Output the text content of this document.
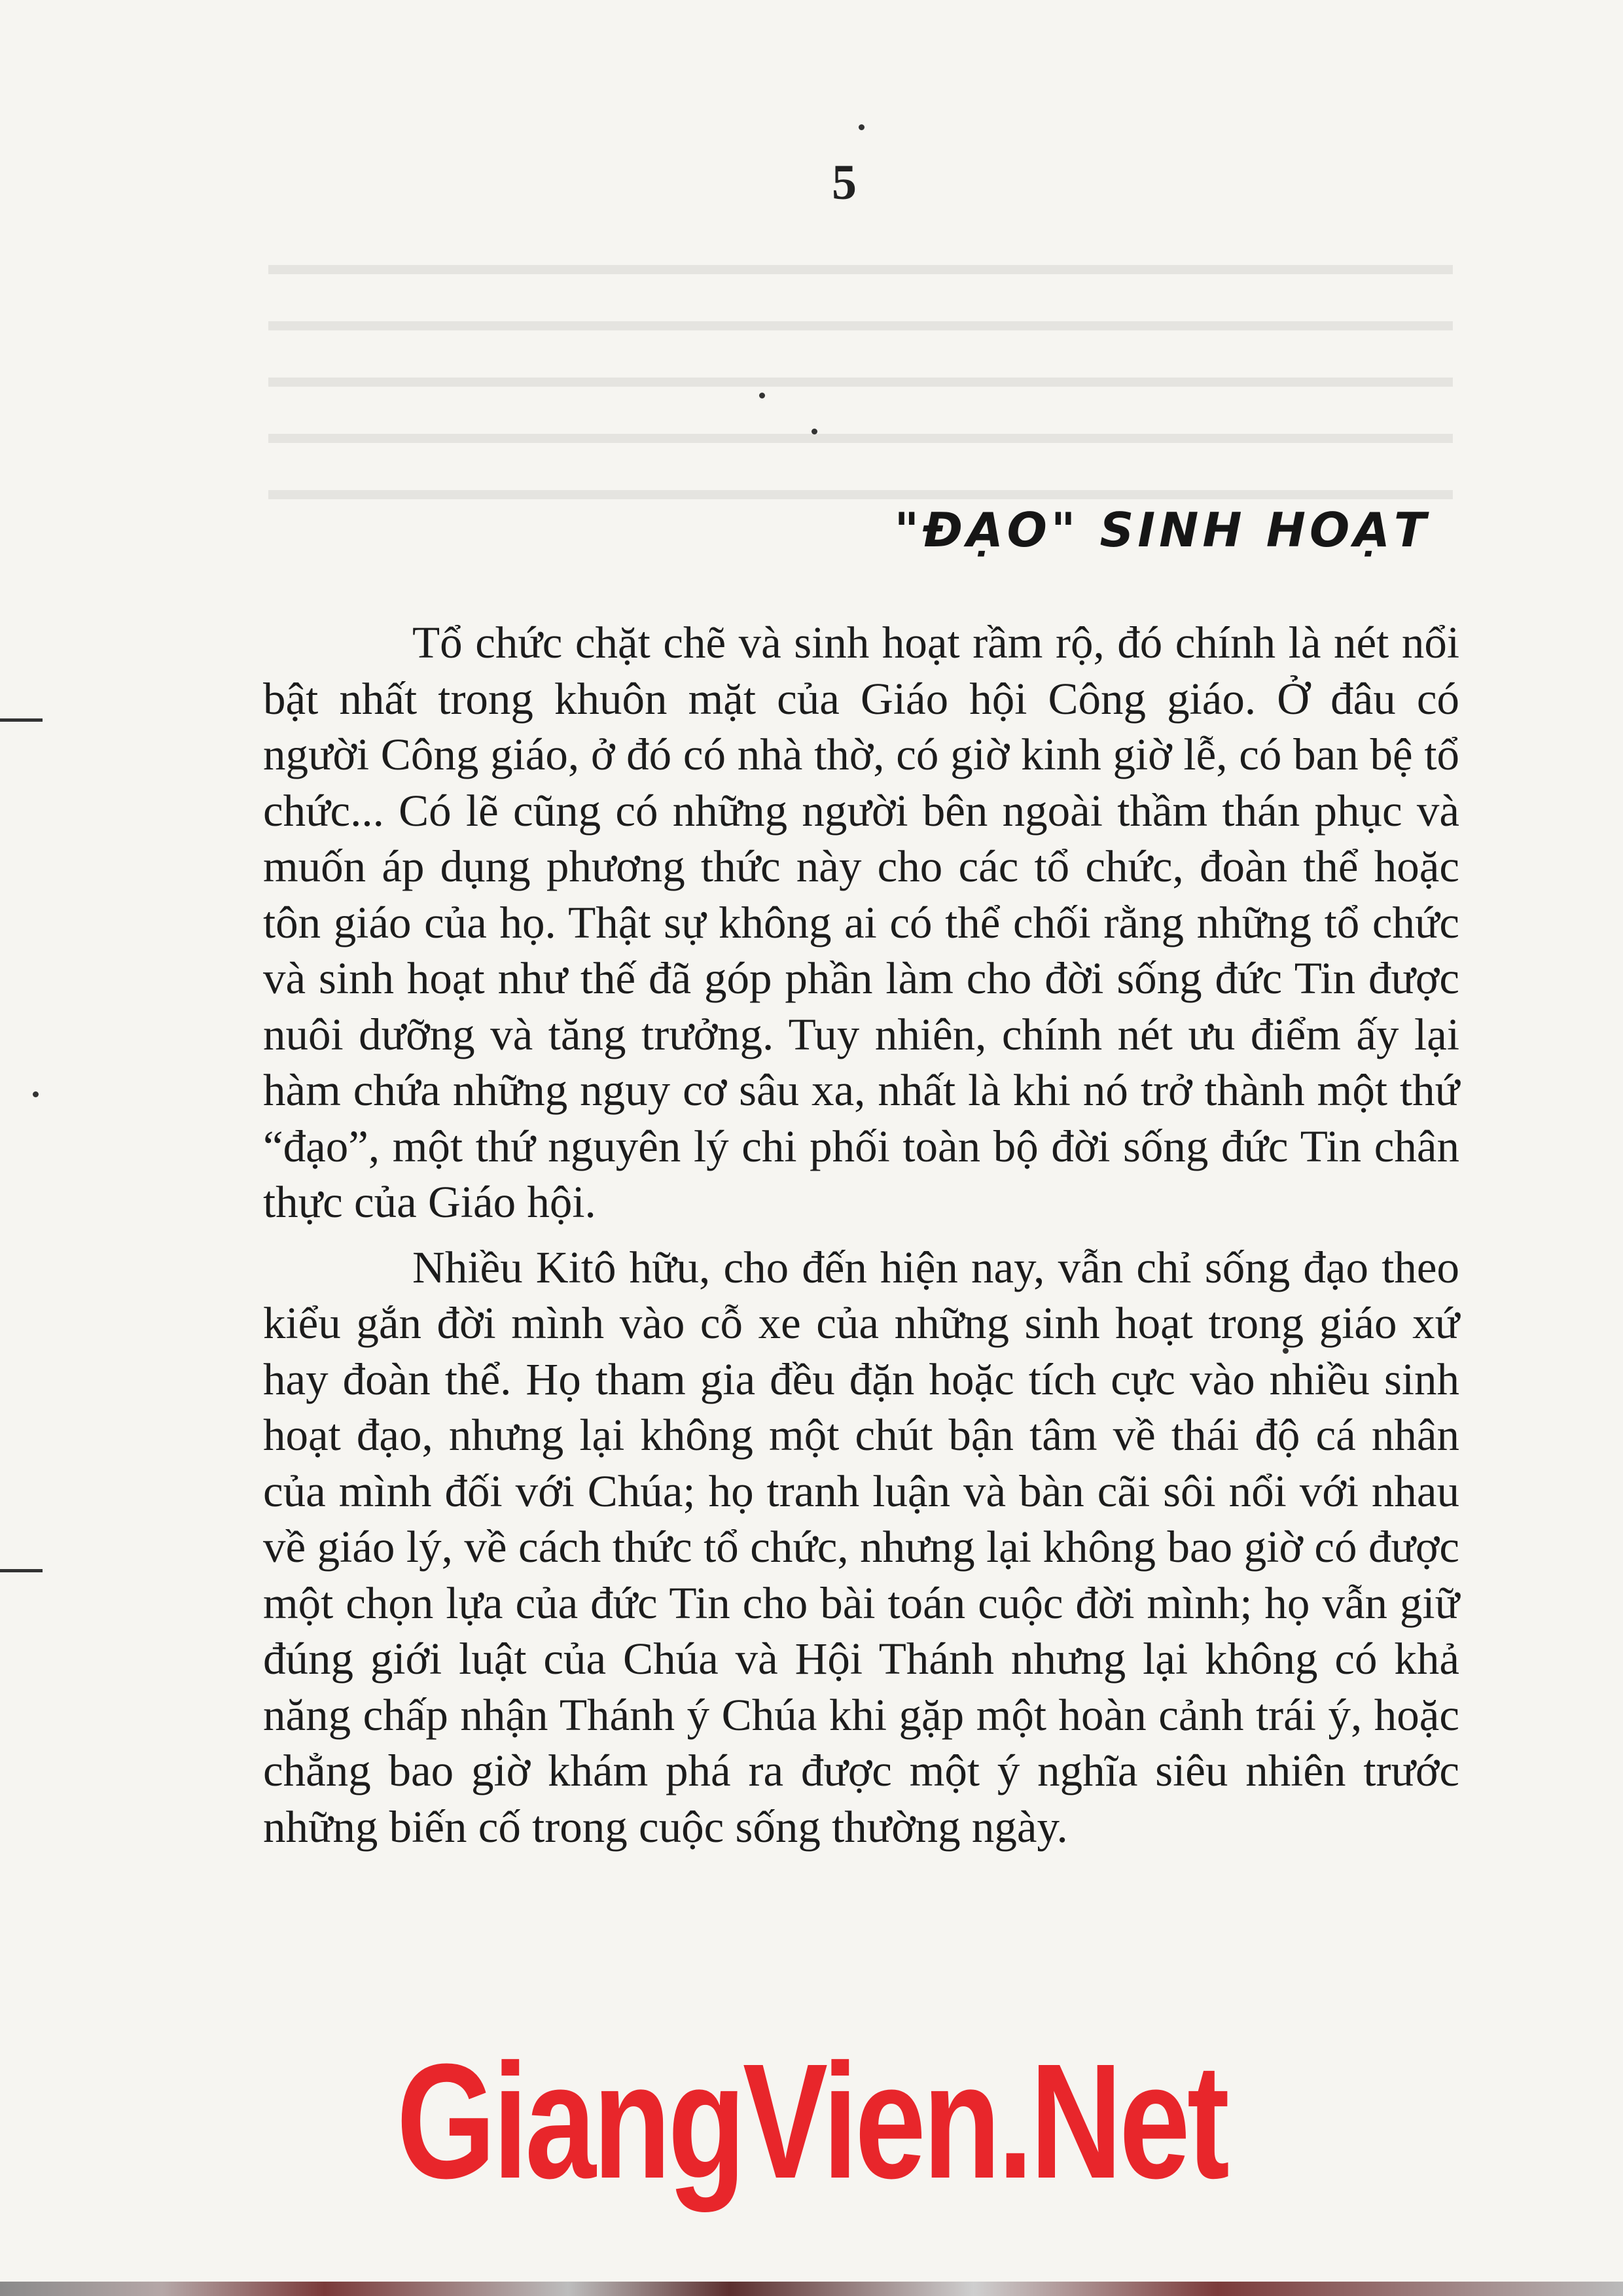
5
"ĐẠO" SINH HOẠT

Tổ chức chặt chẽ và sinh hoạt rầm rộ, đó chính là nét nổi bật nhất trong khuôn mặt của Giáo hội Công giáo. Ở đâu có người Công giáo, ở đó có nhà thờ, có giờ kinh giờ lễ, có ban bệ tổ chức... Có lẽ cũng có những người bên ngoài thầm thán phục và muốn áp dụng phương thức này cho các tổ chức, đoàn thể hoặc tôn giáo của họ. Thật sự không ai có thể chối rằng những tổ chức và sinh hoạt như thế đã góp phần làm cho đời sống đức Tin được nuôi dưỡng và tăng trưởng. Tuy nhiên, chính nét ưu điểm ấy lại hàm chứa những nguy cơ sâu xa, nhất là khi nó trở thành một thứ “đạo”, một thứ nguyên lý chi phối toàn bộ đời sống đức Tin chân thực của Giáo hội.

Nhiều Kitô hữu, cho đến hiện nay, vẫn chỉ sống đạo theo kiểu gắn đời mình vào cỗ xe của những sinh hoạt trong giáo xứ hay đoàn thể. Họ tham gia đều đặn hoặc tích cực vào nhiều sinh hoạt đạo, nhưng lại không một chút bận tâm về thái độ cá nhân của mình đối với Chúa; họ tranh luận và bàn cãi sôi nổi với nhau về giáo lý, về cách thức tổ chức, nhưng lại không bao giờ có được một chọn lựa của đức Tin cho bài toán cuộc đời mình; họ vẫn giữ đúng giới luật của Chúa và Hội Thánh nhưng lại không có khả năng chấp nhận Thánh ý Chúa khi gặp một hoàn cảnh trái ý, hoặc chẳng bao giờ khám phá ra được một ý nghĩa siêu nhiên trước những biến cố trong cuộc sống thường ngày.

GiangVien.Net
